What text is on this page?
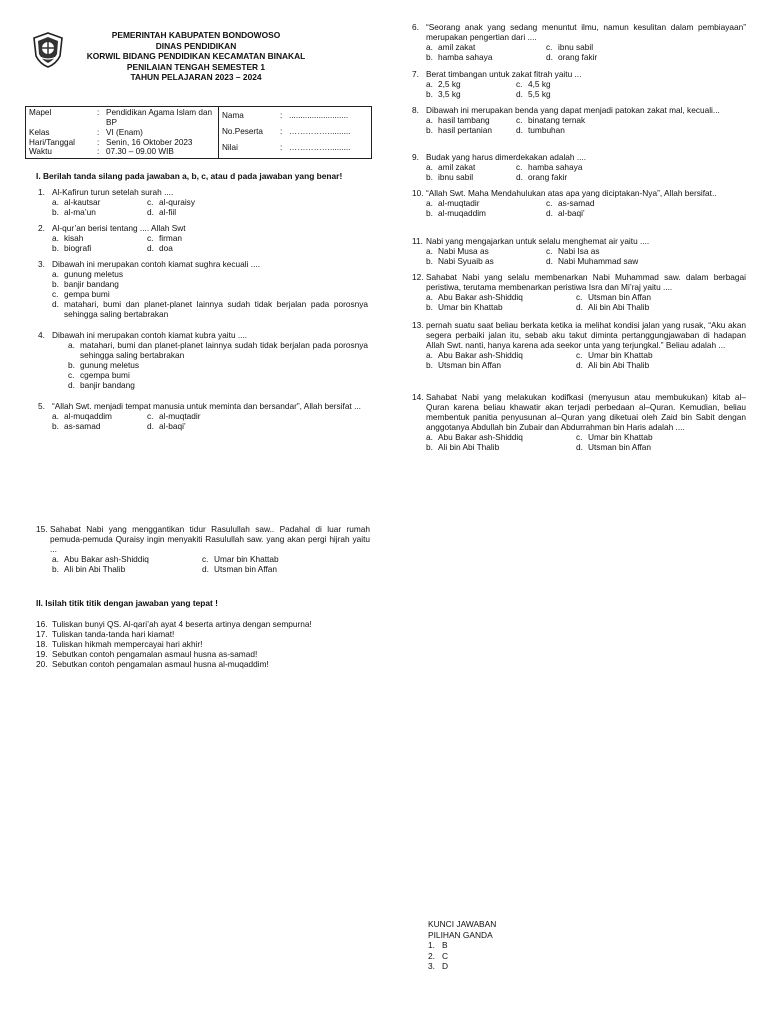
PEMERINTAH KABUPATEN BONDOWOSO
DINAS PENDIDIKAN
KORWIL BIDANG PENDIDIKAN KECAMATAN BINAKAL
PENILAIAN TENGAH SEMESTER 1
TAHUN PELAJARAN 2023 – 2024
Mapel	: Pendidikan Agama Islam dan BP
Kelas	: VI (Enam)
Hari/Tanggal	: Senin, 16 Oktober 2023
Waktu	: 07.30 – 09.00 WIB

Nama	: ..........................
No.Peserta	: …………….........
Nilai	: …………….........
I. Berilah tanda silang pada jawaban a, b, c, atau d pada jawaban yang benar!
1. Al-Kafirun turun setelah surah ....
a. al-kautsar	c. al-quraisy
b. al-ma’un	d. al-fiil
2. Al-qur’an berisi tentang .... Allah Swt
a. kisah	c. firman
b. biografi	d. doa
3. Dibawah ini merupakan contoh kiamat sughra kecuali ....
a. gunung meletus
b. banjir bandang
c. gempa bumi
d. matahari, bumi dan planet-planet lainnya sudah tidak berjalan pada porosnya sehingga saling bertabrakan
4. Dibawah ini merupakan contoh kiamat kubra yaitu ....
a. matahari, bumi dan planet-planet lainnya sudah tidak berjalan pada porosnya sehingga saling bertabrakan
b. gunung meletus
c. cgempa bumi
d. banjir bandang
5. “Allah Swt. menjadi tempat manusia untuk meminta dan bersandar”, Allah bersifat ...
a. al-muqaddim	c. al-muqtadir
b. as-samad	d. al-baqi’
6. “Seorang anak yang sedang menuntut ilmu, namun kesulitan dalam pembiayaan” merupakan pengertian dari ....
a. amil zakat	c. ibnu sabil
b. hamba sahaya	d. orang fakir
7. Berat timbangan untuk zakat fitrah yaitu ...
a. 2,5 kg	c. 4,5 kg
b. 3,5 kg	d. 5,5 kg
8. Dibawah ini merupakan benda yang dapat menjadi patokan zakat mal, kecuali...
a. hasil tambang	c. binatang ternak
b. hasil pertanian	d. tumbuhan
9. Budak yang harus dimerdekakan adalah ....
a. amil zakat	c. hamba sahaya
b. ibnu sabil	d. orang fakir
10. “Allah Swt. Maha Mendahulukan atas apa yang diciptakan-Nya”, Allah bersifat..
a. al-muqtadir	c. as-samad
b. al-muqaddim	d. al-baqi’
11. Nabi yang mengajarkan untuk selalu menghemat air yaitu ....
a. Nabi Musa as	c. Nabi Isa as
b. Nabi Syuaib as	d. Nabi Muhammad saw
12. Sahabat Nabi yang selalu membenarkan Nabi Muhammad saw. dalam berbagai peristiwa, terutama membenarkan peristiwa Isra dan Mi’raj yaitu ....
a. Abu Bakar ash-Shiddiq	c. Utsman bin Affan
b. Umar bin Khattab	d. Ali bin Abi Thalib
13. pernah suatu saat beliau berkata ketika ia melihat kondisi jalan yang rusak, “Aku akan segera perbaiki jalan itu, sebab aku takut diminta pertanggungjawaban di hadapan Allah Swt. nanti, hanya karena ada seekor unta yang terjungkal.” Beliau adalah ...
a. Abu Bakar ash-Shiddiq	c. Umar bin Khattab
b. Utsman bin Affan	d. Ali bin Abi Thalib
14. Sahabat Nabi yang melakukan kodifkasi (menyusun atau membukukan) kitab al–Quran karena beliau khawatir akan terjadi perbedaan al–Quran. Kemudian, beliau membentuk panitia penyusunan al–Quran yang diketuai oleh Zaid bin Sabit dengan anggotanya Abdullah bin Zubair dan Abdurrahman bin Haris adalah ....
a. Abu Bakar ash-Shiddiq	c. Umar bin Khattab
b. Ali bin Abi Thalib	d. Utsman bin Affan
15. Sahabat Nabi yang menggantikan tidur Rasulullah saw.. Padahal di luar rumah pemuda-pemuda Quraisy ingin menyakiti Rasulullah saw. yang akan pergi hijrah yaitu ...
a. Abu Bakar ash-Shiddiq	c. Umar bin Khattab
b. Ali bin Abi Thalib	d. Utsman bin Affan
II. Isilah titik titik dengan jawaban yang tepat !
16. Tuliskan bunyi QS. Al-qari’ah ayat 4 beserta artinya dengan sempurna!
17. Tuliskan tanda-tanda hari kiamat!
18. Tuliskan hikmah mempercayai hari akhir!
19. Sebutkan contoh pengamalan asmaul husna as-samad!
20. Sebutkan contoh pengamalan asmaul husna al-muqaddim!
KUNCI JAWABAN
PILIHAN GANDA
1. B
2. C
3. D
